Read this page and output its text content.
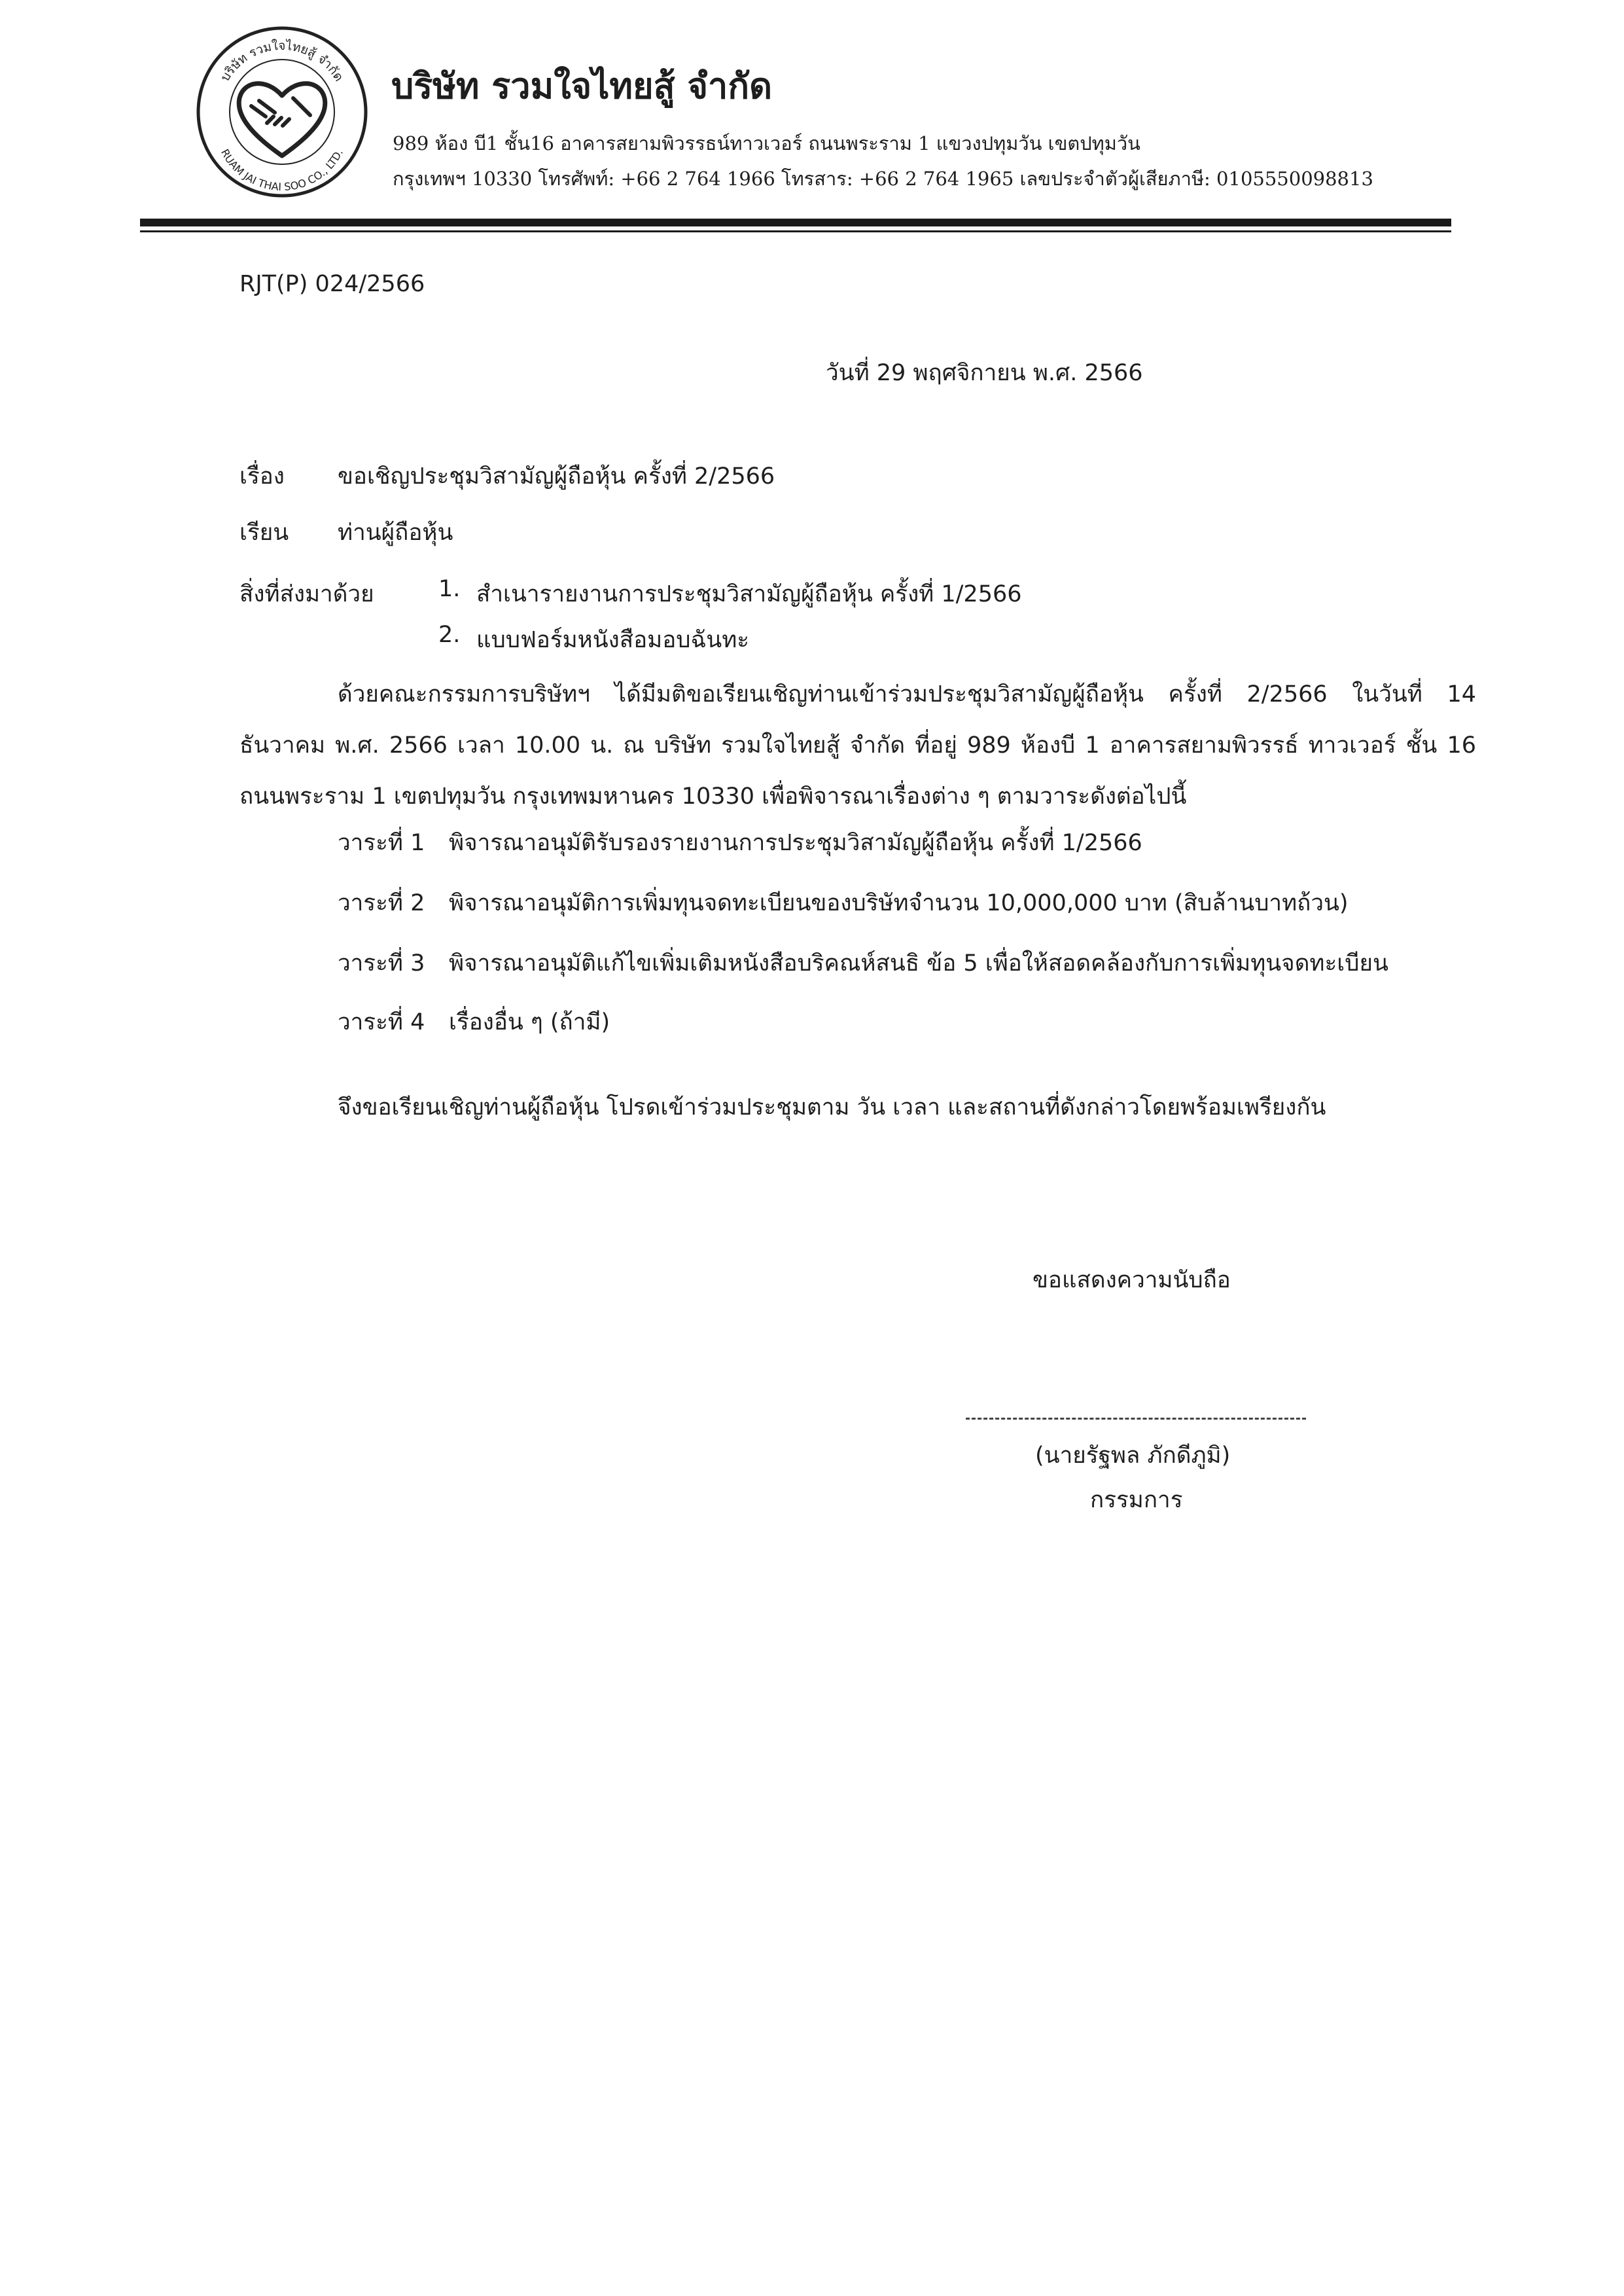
บริษัท รวมใจไทยสู้ จำกัด
RUAM JAI THAI SOO CO., LTD.
บริษัท รวมใจไทยสู้ จำกัด
989 ห้อง บี1 ชั้น16 อาคารสยามพิวรรธน์ทาวเวอร์ ถนนพระราม 1 แขวงปทุมวัน เขตปทุมวัน
กรุงเทพฯ 10330 โทรศัพท์: +66 2 764 1966 โทรสาร: +66 2 764 1965 เลขประจำตัวผู้เสียภาษี: 0105550098813
RJT(P) 024/2566
วันที่ 29 พฤศจิกายน พ.ศ. 2566
เรื่อง ขอเชิญประชุมวิสามัญผู้ถือหุ้น ครั้งที่ 2/2566
เรียน ท่านผู้ถือหุ้น
สิ่งที่ส่งมาด้วย	1. สำเนารายงานการประชุมวิสามัญผู้ถือหุ้น ครั้งที่ 1/2566
2. แบบฟอร์มหนังสือมอบฉันทะ
ด้วยคณะกรรมการบริษัทฯ ได้มีมติขอเรียนเชิญท่านเข้าร่วมประชุมวิสามัญผู้ถือหุ้น ครั้งที่ 2/2566 ในวันที่ 14 ธันวาคม พ.ศ. 2566 เวลา 10.00 น. ณ บริษัท รวมใจไทยสู้ จำกัด ที่อยู่ 989 ห้องบี 1 อาคารสยามพิวรรธ์ ทาวเวอร์ ชั้น 16 ถนนพระราม 1 เขตปทุมวัน กรุงเทพมหานคร 10330 เพื่อพิจารณาเรื่องต่าง ๆ ตามวาระดังต่อไปนี้
วาระที่ 1 พิจารณาอนุมัติรับรองรายงานการประชุมวิสามัญผู้ถือหุ้น ครั้งที่ 1/2566
วาระที่ 2 พิจารณาอนุมัติการเพิ่มทุนจดทะเบียนของบริษัทจำนวน 10,000,000 บาท (สิบล้านบาทถ้วน)
วาระที่ 3 พิจารณาอนุมัติแก้ไขเพิ่มเติมหนังสือบริคณห์สนธิ ข้อ 5 เพื่อให้สอดคล้องกับการเพิ่มทุนจดทะเบียน
วาระที่ 4 เรื่องอื่น ๆ (ถ้ามี)
จึงขอเรียนเชิญท่านผู้ถือหุ้น โปรดเข้าร่วมประชุมตาม วัน เวลา และสถานที่ดังกล่าวโดยพร้อมเพรียงกัน
ขอแสดงความนับถือ
(นายรัฐพล ภักดีภูมิ)
กรรมการ
